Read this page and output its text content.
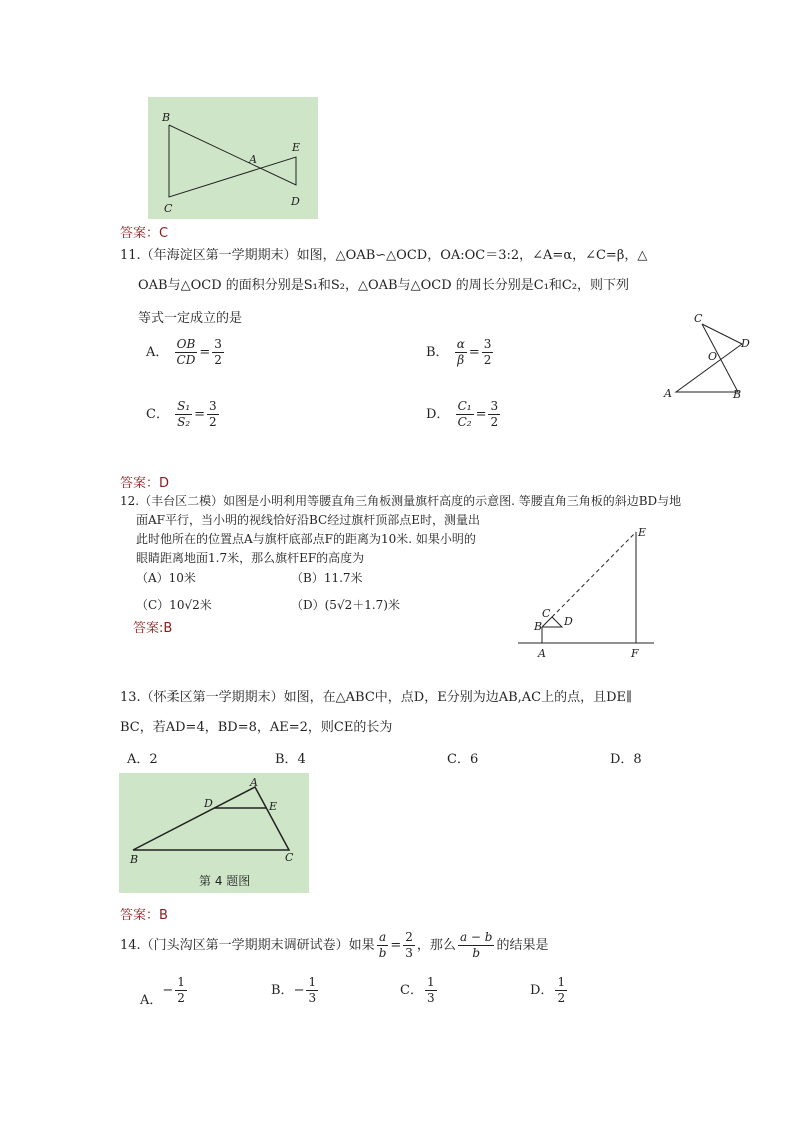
B
A
E
C
D
答案：C
11.（年海淀区第一学期期末）如图，△OAB∽△OCD，OA:OC＝3:2，∠A=α，∠C=β，△
OAB与△OCD 的面积分别是S₁和S₂，△OAB与△OCD 的周长分别是C₁和C₂，则下列
等式一定成立的是
A． $\frac{OB}{CD} = \frac{3}{2}$	B． $\frac{\alpha}{\beta} = \frac{3}{2}$
C． $\frac{\text{S₁}}{\text{S₂}} = \frac{3}{2}$	D． $\frac{\text{C₁}}{\text{C₂}} = \frac{3}{2}$
C
D
O
A	B
答案：D
12.（丰台区二模）如图是小明利用等腰直角三角板测量旗杆高度的示意图. 等腰直角三角板的斜边BD与地
面AF平行，当小明的视线恰好沿BC经过旗杆顶部点E时，测量出
此时他所在的位置点A与旗杆底部点F的距离为10米. 如果小明的
眼睛距离地面1.7米，那么旗杆EF的高度为
（A）10米	（B）11.7米
（C）10√2米	（D）(5√2＋1.7)米
答案:B
E
C
B D
A	F
13.（怀柔区第一学期期末）如图，在△ABC中，点D，E分别为边AB,AC上的点，且DE∥
BC，若AD=4，BD=8，AE=2，则CE的长为
A．2	B．4	C．6	D．8
A
D	E
B	C
第 4 题图
答案：B
14.（门头沟区第一学期期末调研试卷）如果 $\frac{a}{b} = \frac{2}{3}$ ，那么 $\frac{a - b}{b}$ 的结果是
A．− $\frac{1}{2}$	B．− $\frac{1}{3}$	C． $\frac{1}{3}$	D． $\frac{1}{2}$
